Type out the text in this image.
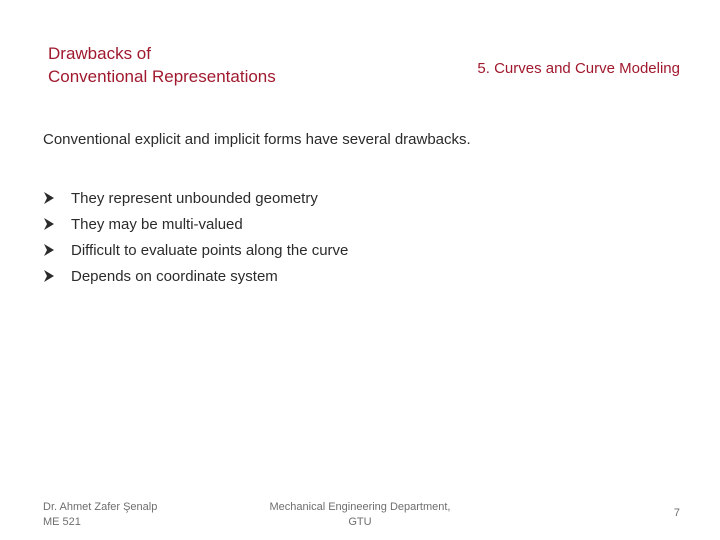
Drawbacks of
Conventional Representations	5. Curves and Curve Modeling
Conventional explicit and implicit forms have several drawbacks.
They represent unbounded geometry
They may be multi-valued
Difficult to evaluate points along the curve
Depends on coordinate system
Dr. Ahmet Zafer Şenalp
ME 521
Mechanical Engineering Department,
GTU
7
